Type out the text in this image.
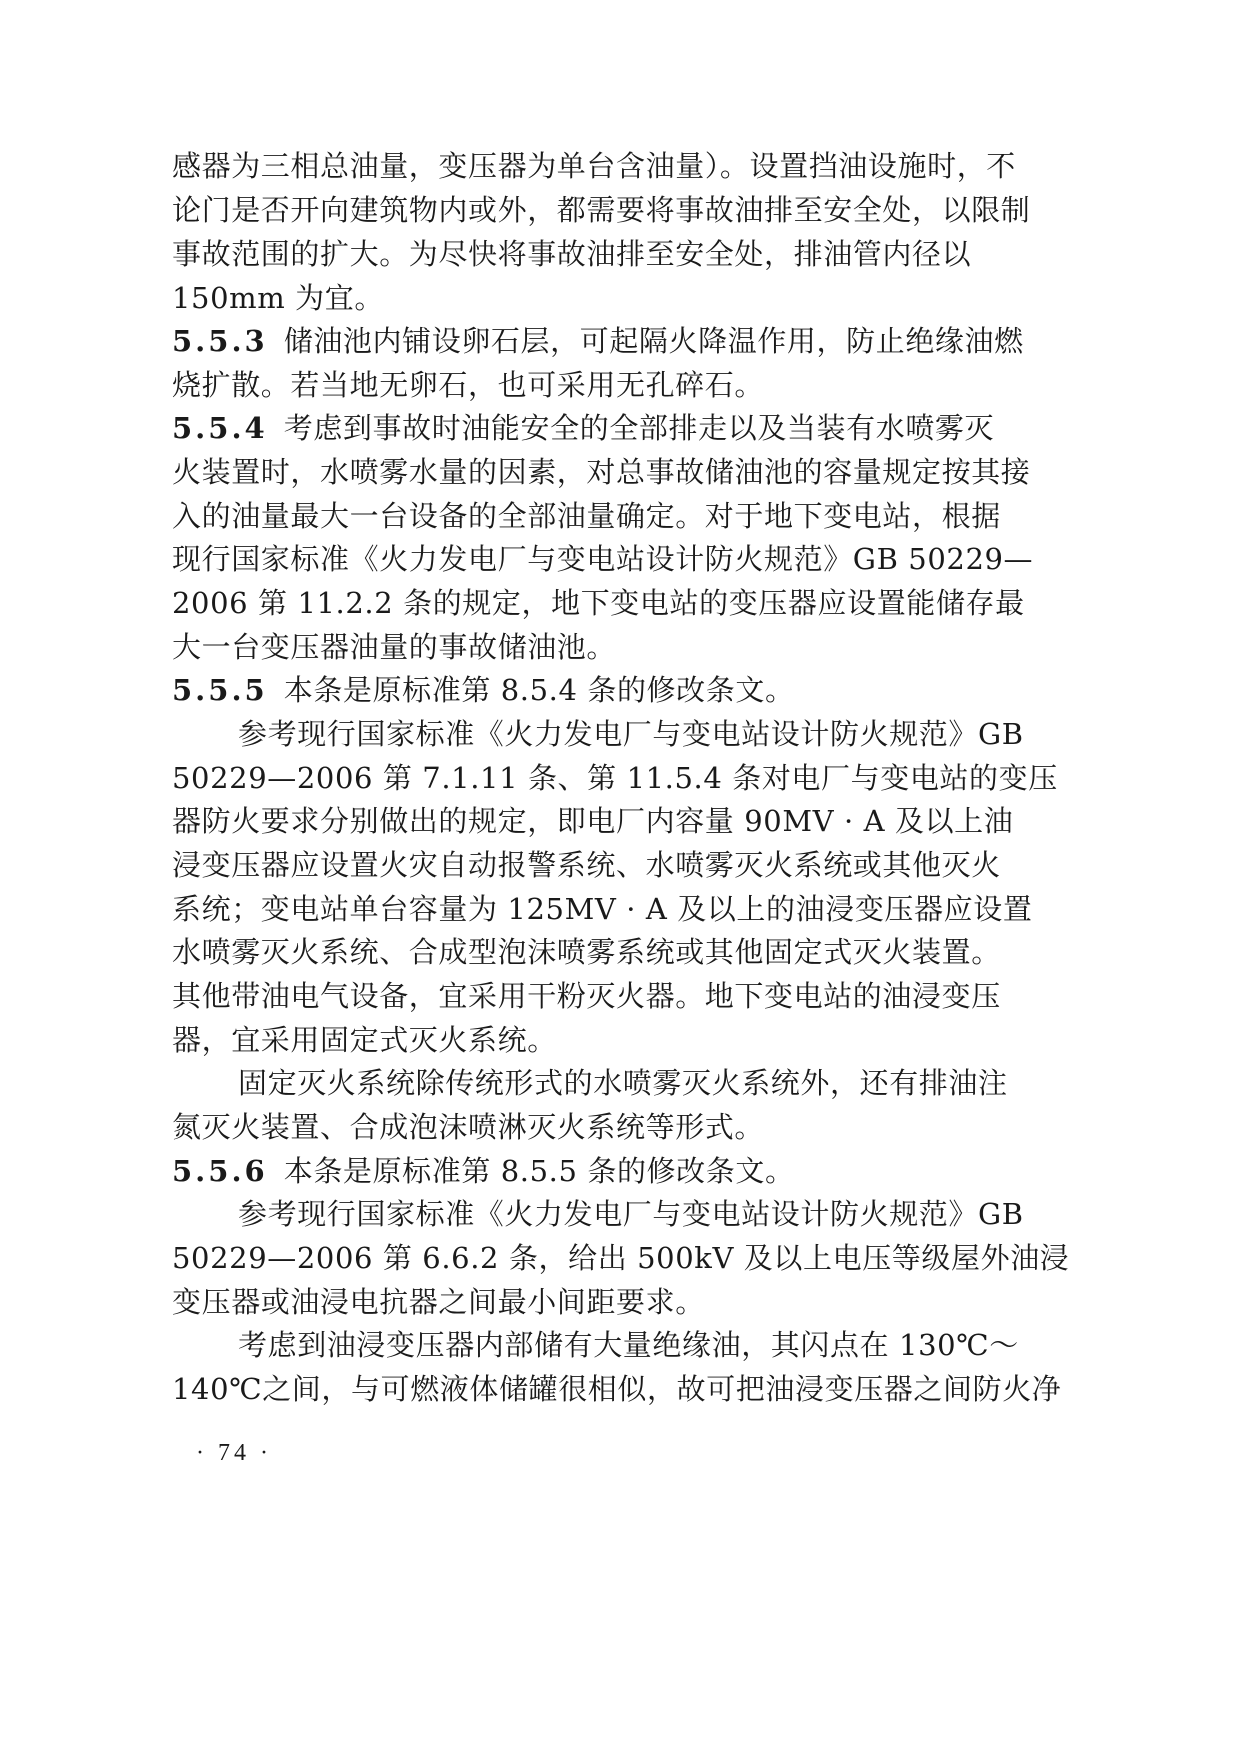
感器为三相总油量，变压器为单台含油量）。设置挡油设施时，不
论门是否开向建筑物内或外，都需要将事故油排至安全处，以限制
事故范围的扩大。为尽快将事故油排至安全处，排油管内径以
150mm 为宜。
5.5.3 储油池内铺设卵石层，可起隔火降温作用，防止绝缘油燃
烧扩散。若当地无卵石，也可采用无孔碎石。
5.5.4 考虑到事故时油能安全的全部排走以及当装有水喷雾灭
火装置时，水喷雾水量的因素，对总事故储油池的容量规定按其接
入的油量最大一台设备的全部油量确定。对于地下变电站，根据
现行国家标准《火力发电厂与变电站设计防火规范》GB 50229—
2006 第 11.2.2 条的规定，地下变电站的变压器应设置能储存最
大一台变压器油量的事故储油池。
5.5.5 本条是原标准第 8.5.4 条的修改条文。
参考现行国家标准《火力发电厂与变电站设计防火规范》GB
50229—2006 第 7.1.11 条、第 11.5.4 条对电厂与变电站的变压
器防火要求分别做出的规定，即电厂内容量 90MV · A 及以上油
浸变压器应设置火灾自动报警系统、水喷雾灭火系统或其他灭火
系统；变电站单台容量为 125MV · A 及以上的油浸变压器应设置
水喷雾灭火系统、合成型泡沫喷雾系统或其他固定式灭火装置。
其他带油电气设备，宜采用干粉灭火器。地下变电站的油浸变压
器，宜采用固定式灭火系统。
固定灭火系统除传统形式的水喷雾灭火系统外，还有排油注
氮灭火装置、合成泡沫喷淋灭火系统等形式。
5.5.6 本条是原标准第 8.5.5 条的修改条文。
参考现行国家标准《火力发电厂与变电站设计防火规范》GB
50229—2006 第 6.6.2 条，给出 500kV 及以上电压等级屋外油浸
变压器或油浸电抗器之间最小间距要求。
考虑到油浸变压器内部储有大量绝缘油，其闪点在 130℃～
140℃之间，与可燃液体储罐很相似，故可把油浸变压器之间防火净
· 74 ·
